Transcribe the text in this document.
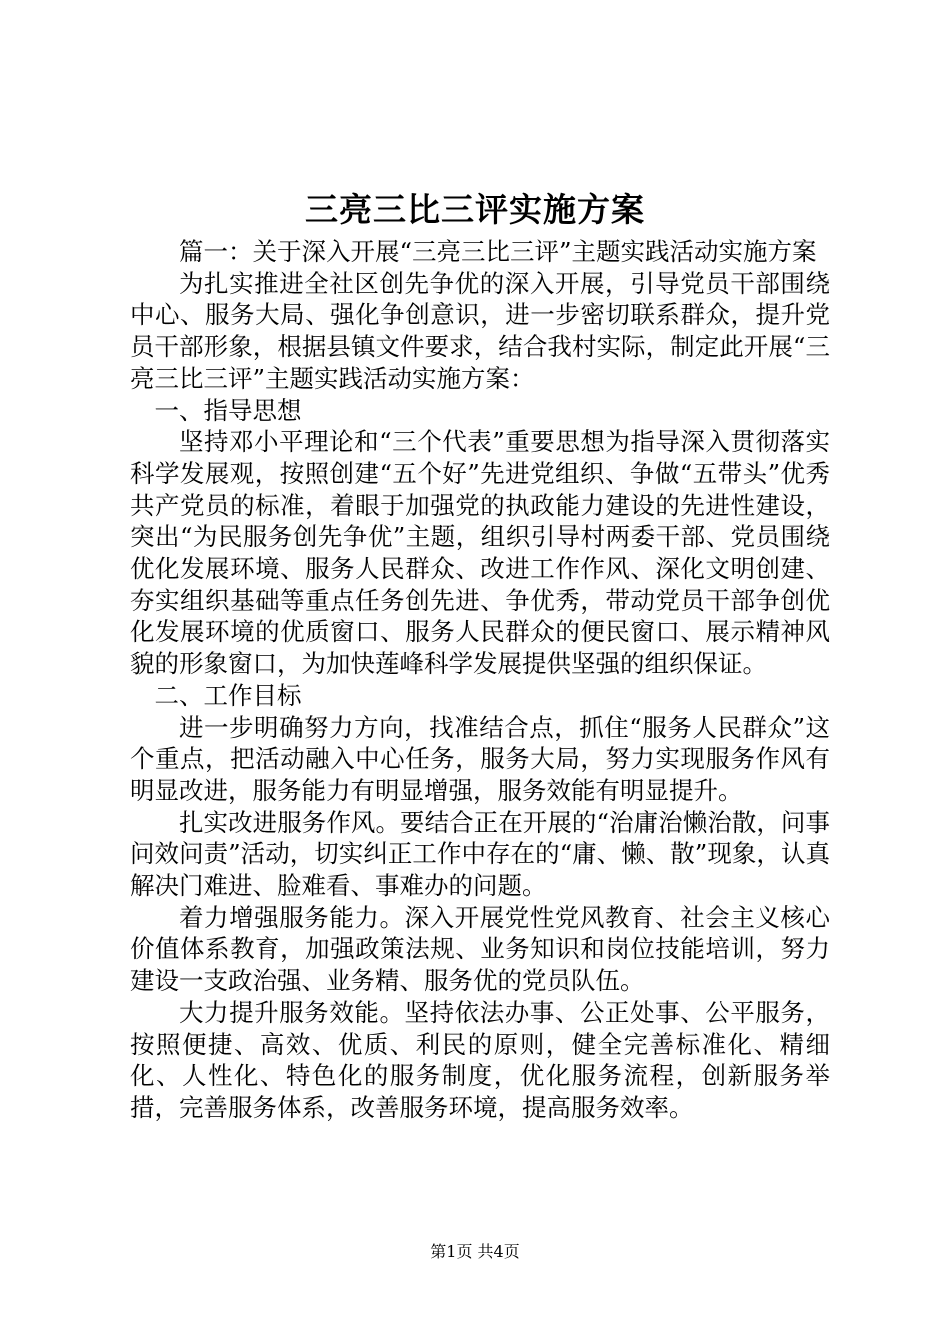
三亮三比三评实施方案

篇一：关于深入开展“三亮三比三评”主题实践活动实施方案

为扎实推进全社区创先争优的深入开展，引导党员干部围绕中心、服务大局、强化争创意识，进一步密切联系群众，提升党员干部形象，根据县镇文件要求，结合我村实际，制定此开展“三亮三比三评”主题实践活动实施方案：

一、指导思想

坚持邓小平理论和“三个代表”重要思想为指导深入贯彻落实科学发展观，按照创建“五个好”先进党组织、争做“五带头”优秀共产党员的标准，着眼于加强党的执政能力建设的先进性建设，突出“为民服务创先争优”主题，组织引导村两委干部、党员围绕优化发展环境、服务人民群众、改进工作作风、深化文明创建、夯实组织基础等重点任务创先进、争优秀，带动党员干部争创优化发展环境的优质窗口、服务人民群众的便民窗口、展示精神风貌的形象窗口，为加快莲峰科学发展提供坚强的组织保证。

二、工作目标

进一步明确努力方向，找准结合点，抓住“服务人民群众”这个重点，把活动融入中心任务，服务大局，努力实现服务作风有明显改进，服务能力有明显增强，服务效能有明显提升。

扎实改进服务作风。要结合正在开展的“治庸治懒治散，问事问效问责”活动，切实纠正工作中存在的“庸、懒、散”现象，认真解决门难进、脸难看、事难办的问题。

着力增强服务能力。深入开展党性党风教育、社会主义核心价值体系教育，加强政策法规、业务知识和岗位技能培训，努力建设一支政治强、业务精、服务优的党员队伍。

大力提升服务效能。坚持依法办事、公正处事、公平服务，按照便捷、高效、优质、利民的原则，健全完善标准化、精细化、人性化、特色化的服务制度，优化服务流程，创新服务举措，完善服务体系，改善服务环境，提高服务效率。

第1页 共4页
